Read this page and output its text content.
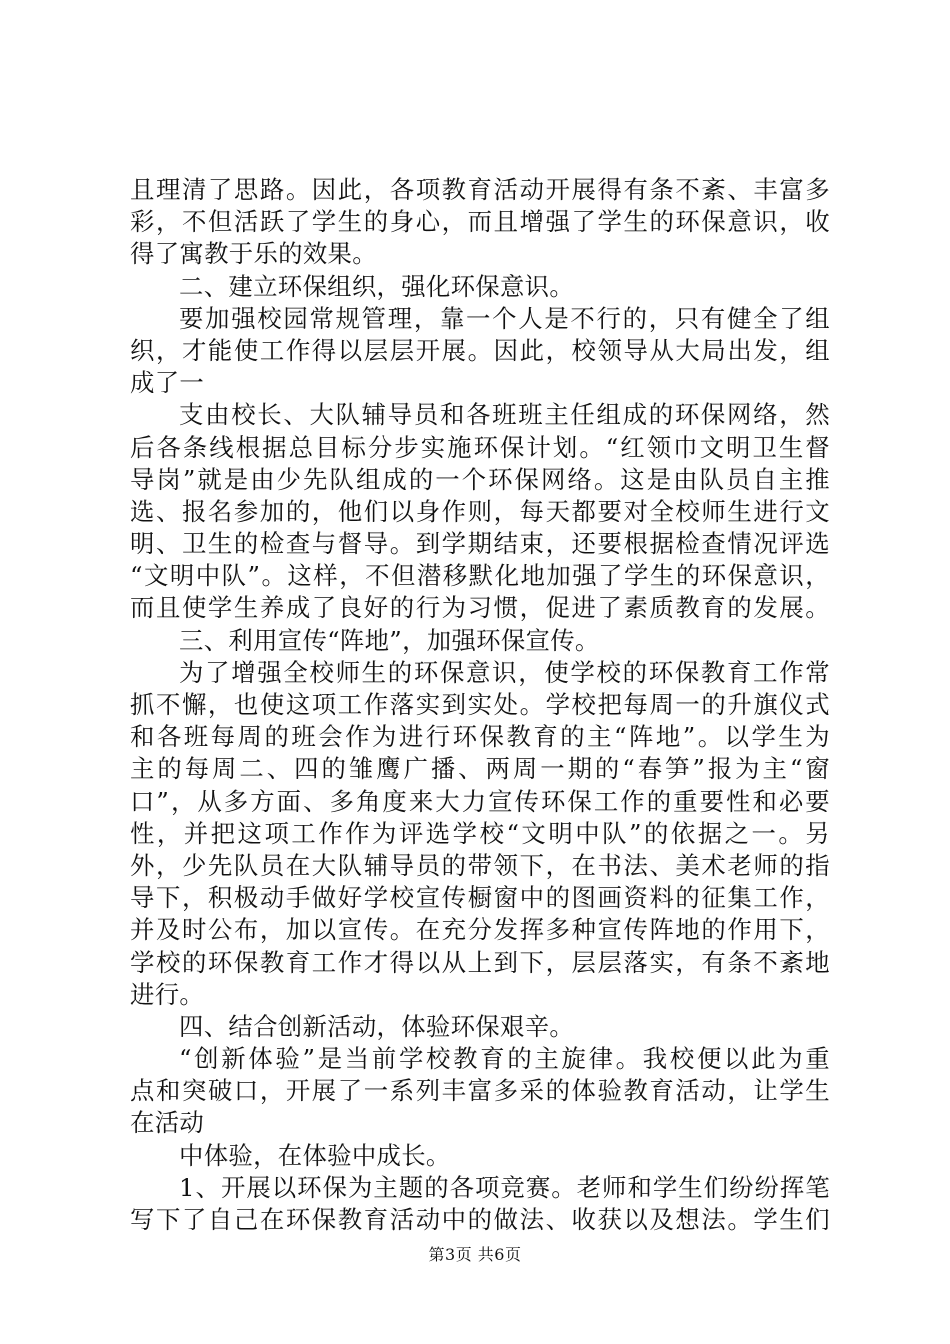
且理清了思路。因此，各项教育活动开展得有条不紊、丰富多
彩，不但活跃了学生的身心，而且增强了学生的环保意识，收
得了寓教于乐的效果。
二、建立环保组织，强化环保意识。
要加强校园常规管理，靠一个人是不行的，只有健全了组
织，才能使工作得以层层开展。因此，校领导从大局出发，组
成了一
支由校长、大队辅导员和各班班主任组成的环保网络，然
后各条线根据总目标分步实施环保计划。“红领巾文明卫生督
导岗”就是由少先队组成的一个环保网络。这是由队员自主推
选、报名参加的，他们以身作则，每天都要对全校师生进行文
明、卫生的检查与督导。到学期结束，还要根据检查情况评选
“文明中队”。这样，不但潜移默化地加强了学生的环保意识，
而且使学生养成了良好的行为习惯，促进了素质教育的发展。
三、利用宣传“阵地”，加强环保宣传。
为了增强全校师生的环保意识，使学校的环保教育工作常
抓不懈，也使这项工作落实到实处。学校把每周一的升旗仪式
和各班每周的班会作为进行环保教育的主“阵地”。以学生为
主的每周二、四的雏鹰广播、两周一期的“春笋”报为主“窗
口”，从多方面、多角度来大力宣传环保工作的重要性和必要
性，并把这项工作作为评选学校“文明中队”的依据之一。另
外，少先队员在大队辅导员的带领下，在书法、美术老师的指
导下，积极动手做好学校宣传橱窗中的图画资料的征集工作，
并及时公布，加以宣传。在充分发挥多种宣传阵地的作用下，
学校的环保教育工作才得以从上到下，层层落实，有条不紊地
进行。
四、结合创新活动，体验环保艰辛。
“创新体验”是当前学校教育的主旋律。我校便以此为重
点和突破口，开展了一系列丰富多采的体验教育活动，让学生
在活动
中体验，在体验中成长。
1、开展以环保为主题的各项竞赛。老师和学生们纷纷挥笔
写下了自己在环保教育活动中的做法、收获以及想法。学生们
第3页 共6页
